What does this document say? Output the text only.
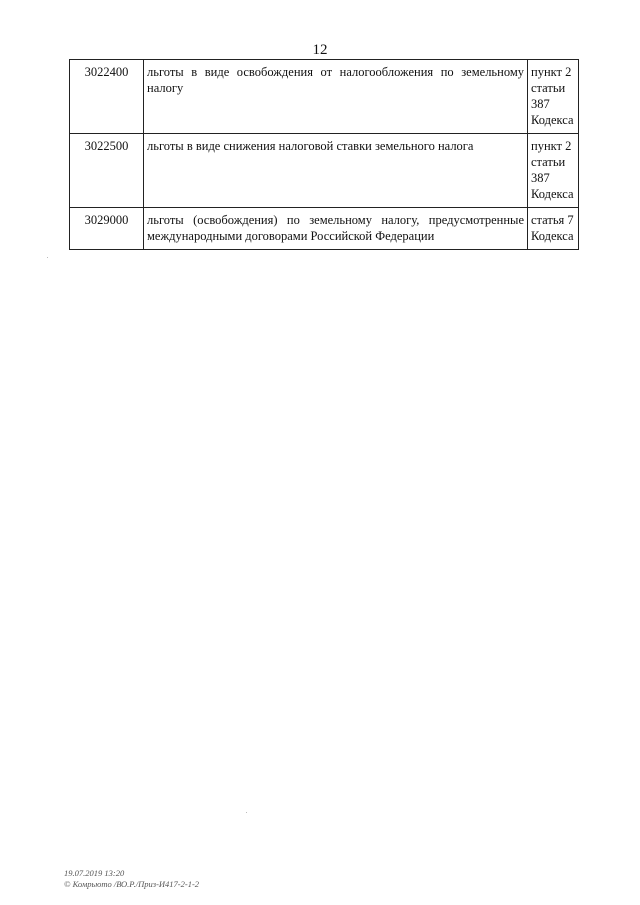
12
3022400	льготы в виде освобождения от налогообложения по земельному налогу	пункт 2
статьи 387
Кодекса

3022500	льготы в виде снижения налоговой ставки земельного налога	пункт 2
статьи 387
Кодекса

3029000	льготы (освобождения) по земельному налогу, предусмотренные международными договорами Российской Федерации	статья 7
Кодекса
19.07.2019 13:20
© Комрьюто /ВО.Р./Приз-И417-2-1-2
